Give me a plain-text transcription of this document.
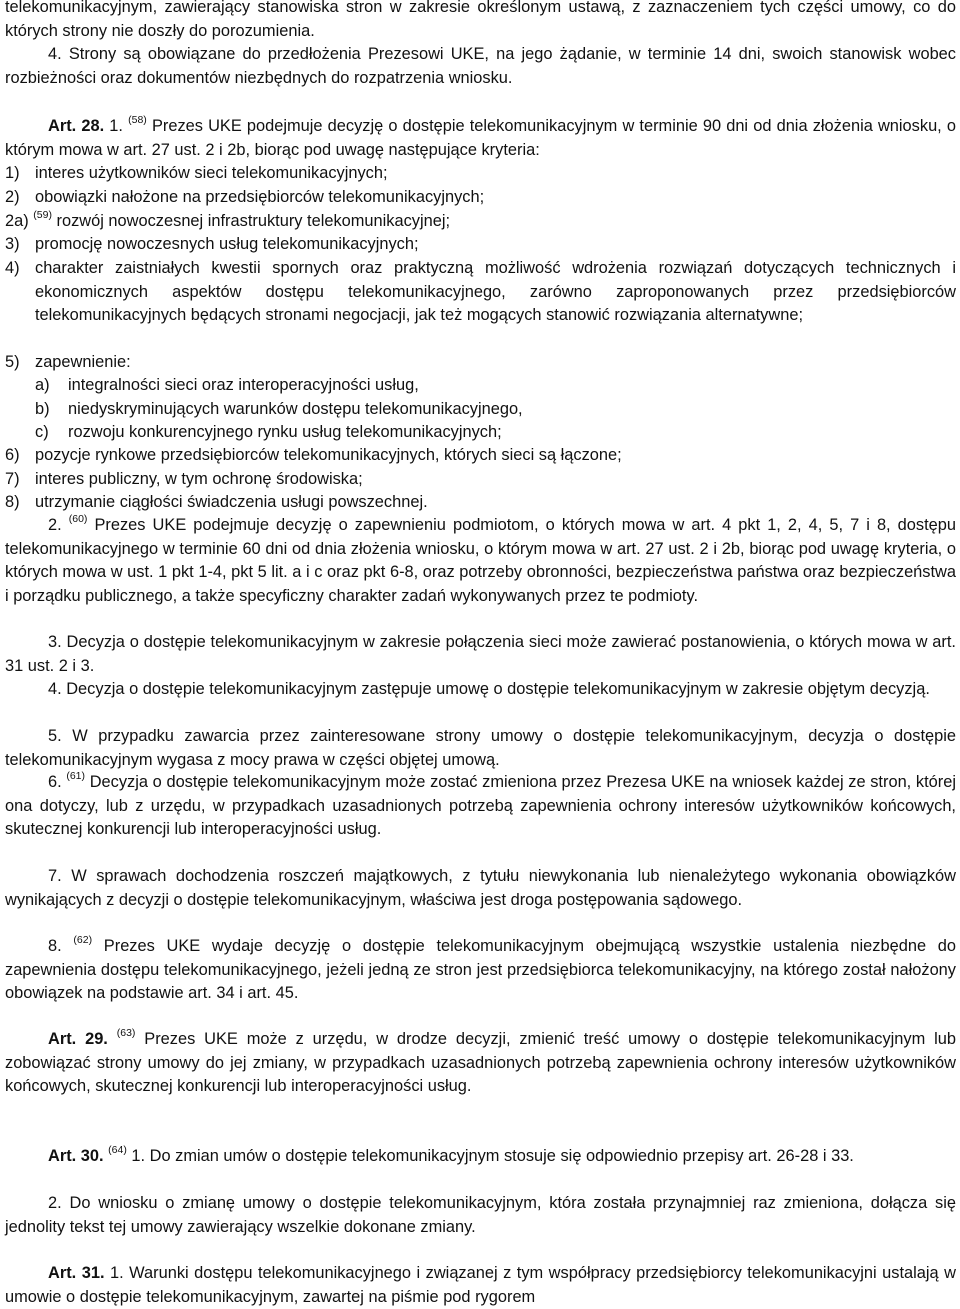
telekomunikacyjnym, zawierający stanowiska stron w zakresie określonym ustawą, z zaznaczeniem tych części umowy, co do których strony nie doszły do porozumienia.

4. Strony są obowiązane do przedłożenia Prezesowi UKE, na jego żądanie, w terminie 14 dni, swoich stanowisk wobec rozbieżności oraz dokumentów niezbędnych do rozpatrzenia wniosku.

Art. 28. 1. $^{(58)}$ Prezes UKE podejmuje decyzję o dostępie telekomunikacyjnym w terminie 90 dni od dnia złożenia wniosku, o którym mowa w art. 27 ust. 2 i 2b, biorąc pod uwagę następujące kryteria:

1) interes użytkowników sieci telekomunikacyjnych;
2) obowiązki nałożone na przedsiębiorców telekomunikacyjnych;
2a) $^{(59)}$ rozwój nowoczesnej infrastruktury telekomunikacyjnej;
3) promocję nowoczesnych usług telekomunikacyjnych;
4) charakter zaistniałych kwestii spornych oraz praktyczną możliwość wdrożenia rozwiązań dotyczących technicznych i ekonomicznych aspektów dostępu telekomunikacyjnego, zarówno zaproponowanych przez przedsiębiorców telekomunikacyjnych będących stronami negocjacji, jak też mogących stanowić rozwiązania alternatywne;
5) zapewnienie:
a) integralności sieci oraz interoperacyjności usług,
b) niedyskryminujących warunków dostępu telekomunikacyjnego,
c) rozwoju konkurencyjnego rynku usług telekomunikacyjnych;
6) pozycje rynkowe przedsiębiorców telekomunikacyjnych, których sieci są łączone;
7) interes publiczny, w tym ochronę środowiska;
8) utrzymanie ciągłości świadczenia usługi powszechnej.

2. $^{(60)}$ Prezes UKE podejmuje decyzję o zapewnieniu podmiotom, o których mowa w art. 4 pkt 1, 2, 4, 5, 7 i 8, dostępu telekomunikacyjnego w terminie 60 dni od dnia złożenia wniosku, o którym mowa w art. 27 ust. 2 i 2b, biorąc pod uwagę kryteria, o których mowa w ust. 1 pkt 1-4, pkt 5 lit. a i c oraz pkt 6-8, oraz potrzeby obronności, bezpieczeństwa państwa oraz bezpieczeństwa i porządku publicznego, a także specyficzny charakter zadań wykonywanych przez te podmioty.

3. Decyzja o dostępie telekomunikacyjnym w zakresie połączenia sieci może zawierać postanowienia, o których mowa w art. 31 ust. 2 i 3.

4. Decyzja o dostępie telekomunikacyjnym zastępuje umowę o dostępie telekomunikacyjnym w zakresie objętym decyzją.

5. W przypadku zawarcia przez zainteresowane strony umowy o dostępie telekomunikacyjnym, decyzja o dostępie telekomunikacyjnym wygasa z mocy prawa w części objętej umową.

6. $^{(61)}$ Decyzja o dostępie telekomunikacyjnym może zostać zmieniona przez Prezesa UKE na wniosek każdej ze stron, której ona dotyczy, lub z urzędu, w przypadkach uzasadnionych potrzebą zapewnienia ochrony interesów użytkowników końcowych, skutecznej konkurencji lub interoperacyjności usług.

7. W sprawach dochodzenia roszczeń majątkowych, z tytułu niewykonania lub nienależytego wykonania obowiązków wynikających z decyzji o dostępie telekomunikacyjnym, właściwa jest droga postępowania sądowego.

8. $^{(62)}$ Prezes UKE wydaje decyzję o dostępie telekomunikacyjnym obejmującą wszystkie ustalenia niezbędne do zapewnienia dostępu telekomunikacyjnego, jeżeli jedną ze stron jest przedsiębiorca telekomunikacyjny, na którego został nałożony obowiązek na podstawie art. 34 i art. 45.

Art. 29. $^{(63)}$ Prezes UKE może z urzędu, w drodze decyzji, zmienić treść umowy o dostępie telekomunikacyjnym lub zobowiązać strony umowy do jej zmiany, w przypadkach uzasadnionych potrzebą zapewnienia ochrony interesów użytkowników końcowych, skutecznej konkurencji lub interoperacyjności usług.

Art. 30. $^{(64)}$ 1. Do zmian umów o dostępie telekomunikacyjnym stosuje się odpowiednio przepisy art. 26-28 i 33.

2. Do wniosku o zmianę umowy o dostępie telekomunikacyjnym, która została przynajmniej raz zmieniona, dołącza się jednolity tekst tej umowy zawierający wszelkie dokonane zmiany.

Art. 31. 1. Warunki dostępu telekomunikacyjnego i związanej z tym współpracy przedsiębiorcy telekomunikacyjni ustalają w umowie o dostępie telekomunikacyjnym, zawartej na piśmie pod rygorem
